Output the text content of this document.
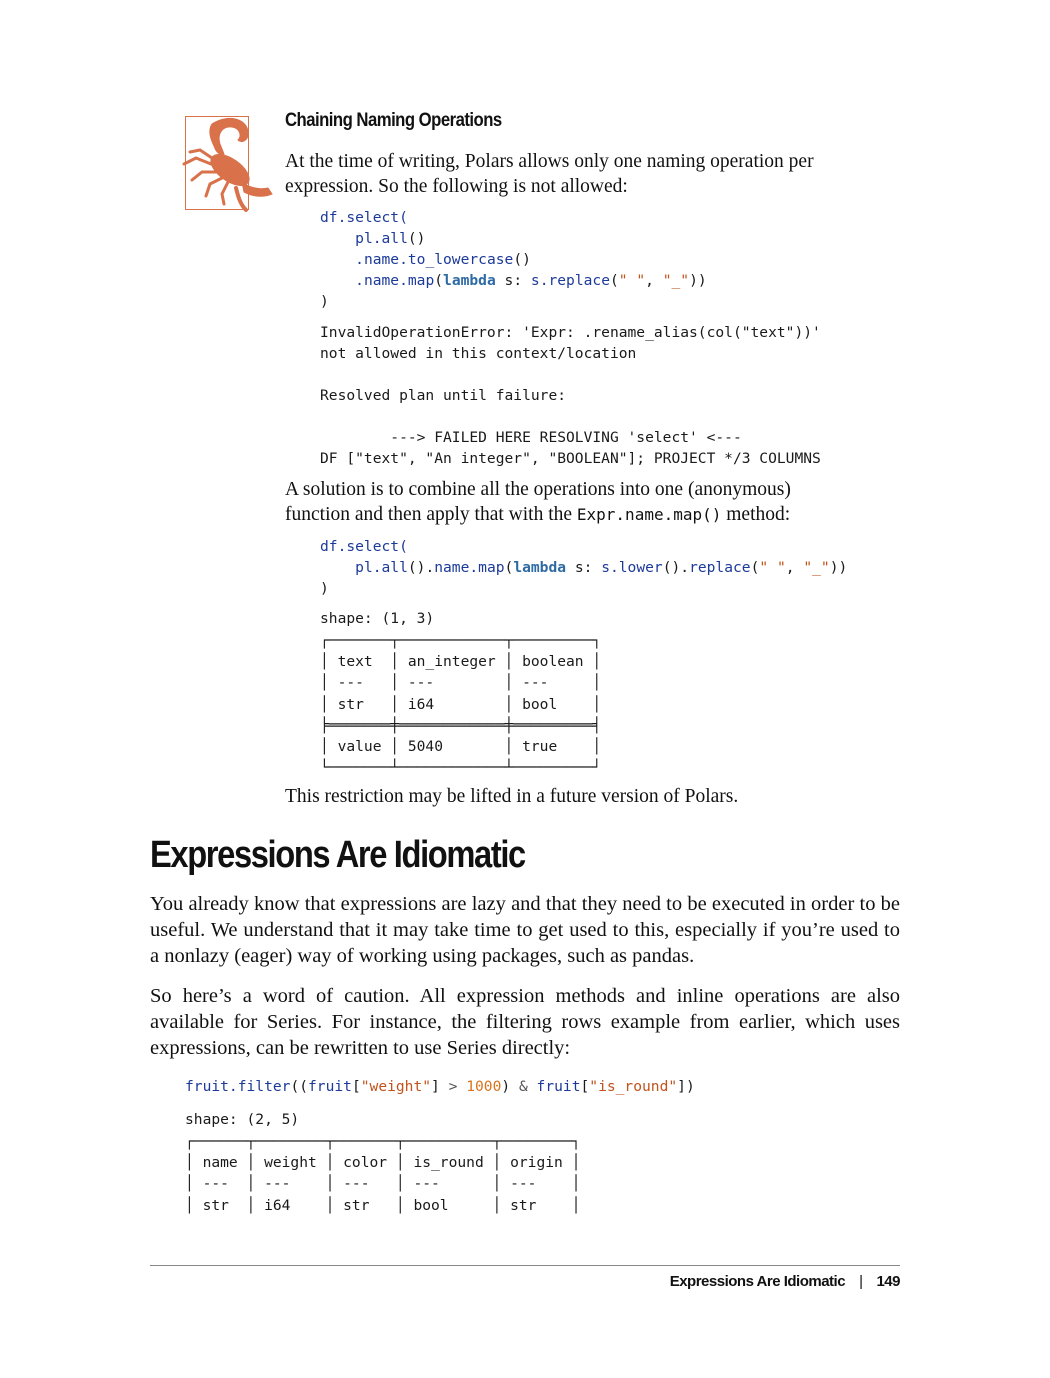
Chaining Naming Operations

At the time of writing, Polars allows only one naming operation per expression. So the following is not allowed:

df.select(
pl.all()
.name.to_lowercase()
.name.map(lambda s: s.replace(" ", "_"))
)
InvalidOperationError: 'Expr: .rename_alias(col("text"))'
not allowed in this context/location

Resolved plan until failure:

---> FAILED HERE RESOLVING 'select' <---
DF ["text", "An integer", "BOOLEAN"]; PROJECT */3 COLUMNS

A solution is to combine all the operations into one (anonymous) function and then apply that with the Expr.name.map() method:

df.select(
pl.all().name.map(lambda s: s.lower().replace(" ", "_"))
)
shape: (1, 3)
┌───────┬────────────┬─────────┐
│ text  │ an_integer │ boolean │
│ ---   │ ---        │ ---     │
│ str   │ i64        │ bool    │
╞═══════╪════════════╪═════════╡
│ value │ 5040       │ true    │
└───────┴────────────┴─────────┘

This restriction may be lifted in a future version of Polars.

Expressions Are Idiomatic

You already know that expressions are lazy and that they need to be executed in order to be useful. We understand that it may take time to get used to this, especially if you’re used to a nonlazy (eager) way of working using packages, such as pandas.

So here’s a word of caution. All expression methods and inline operations are also available for Series. For instance, the filtering rows example from earlier, which uses expressions, can be rewritten to use Series directly:

fruit.filter((fruit["weight"] > 1000) & fruit["is_round"])
shape: (2, 5)
┌──────┬────────┬───────┬──────────┬────────┐
│ name │ weight │ color │ is_round │ origin │
│ ---  │ ---    │ ---   │ ---      │ ---    │
│ str  │ i64    │ str   │ bool     │ str    │
Expressions Are Idiomatic | 149
